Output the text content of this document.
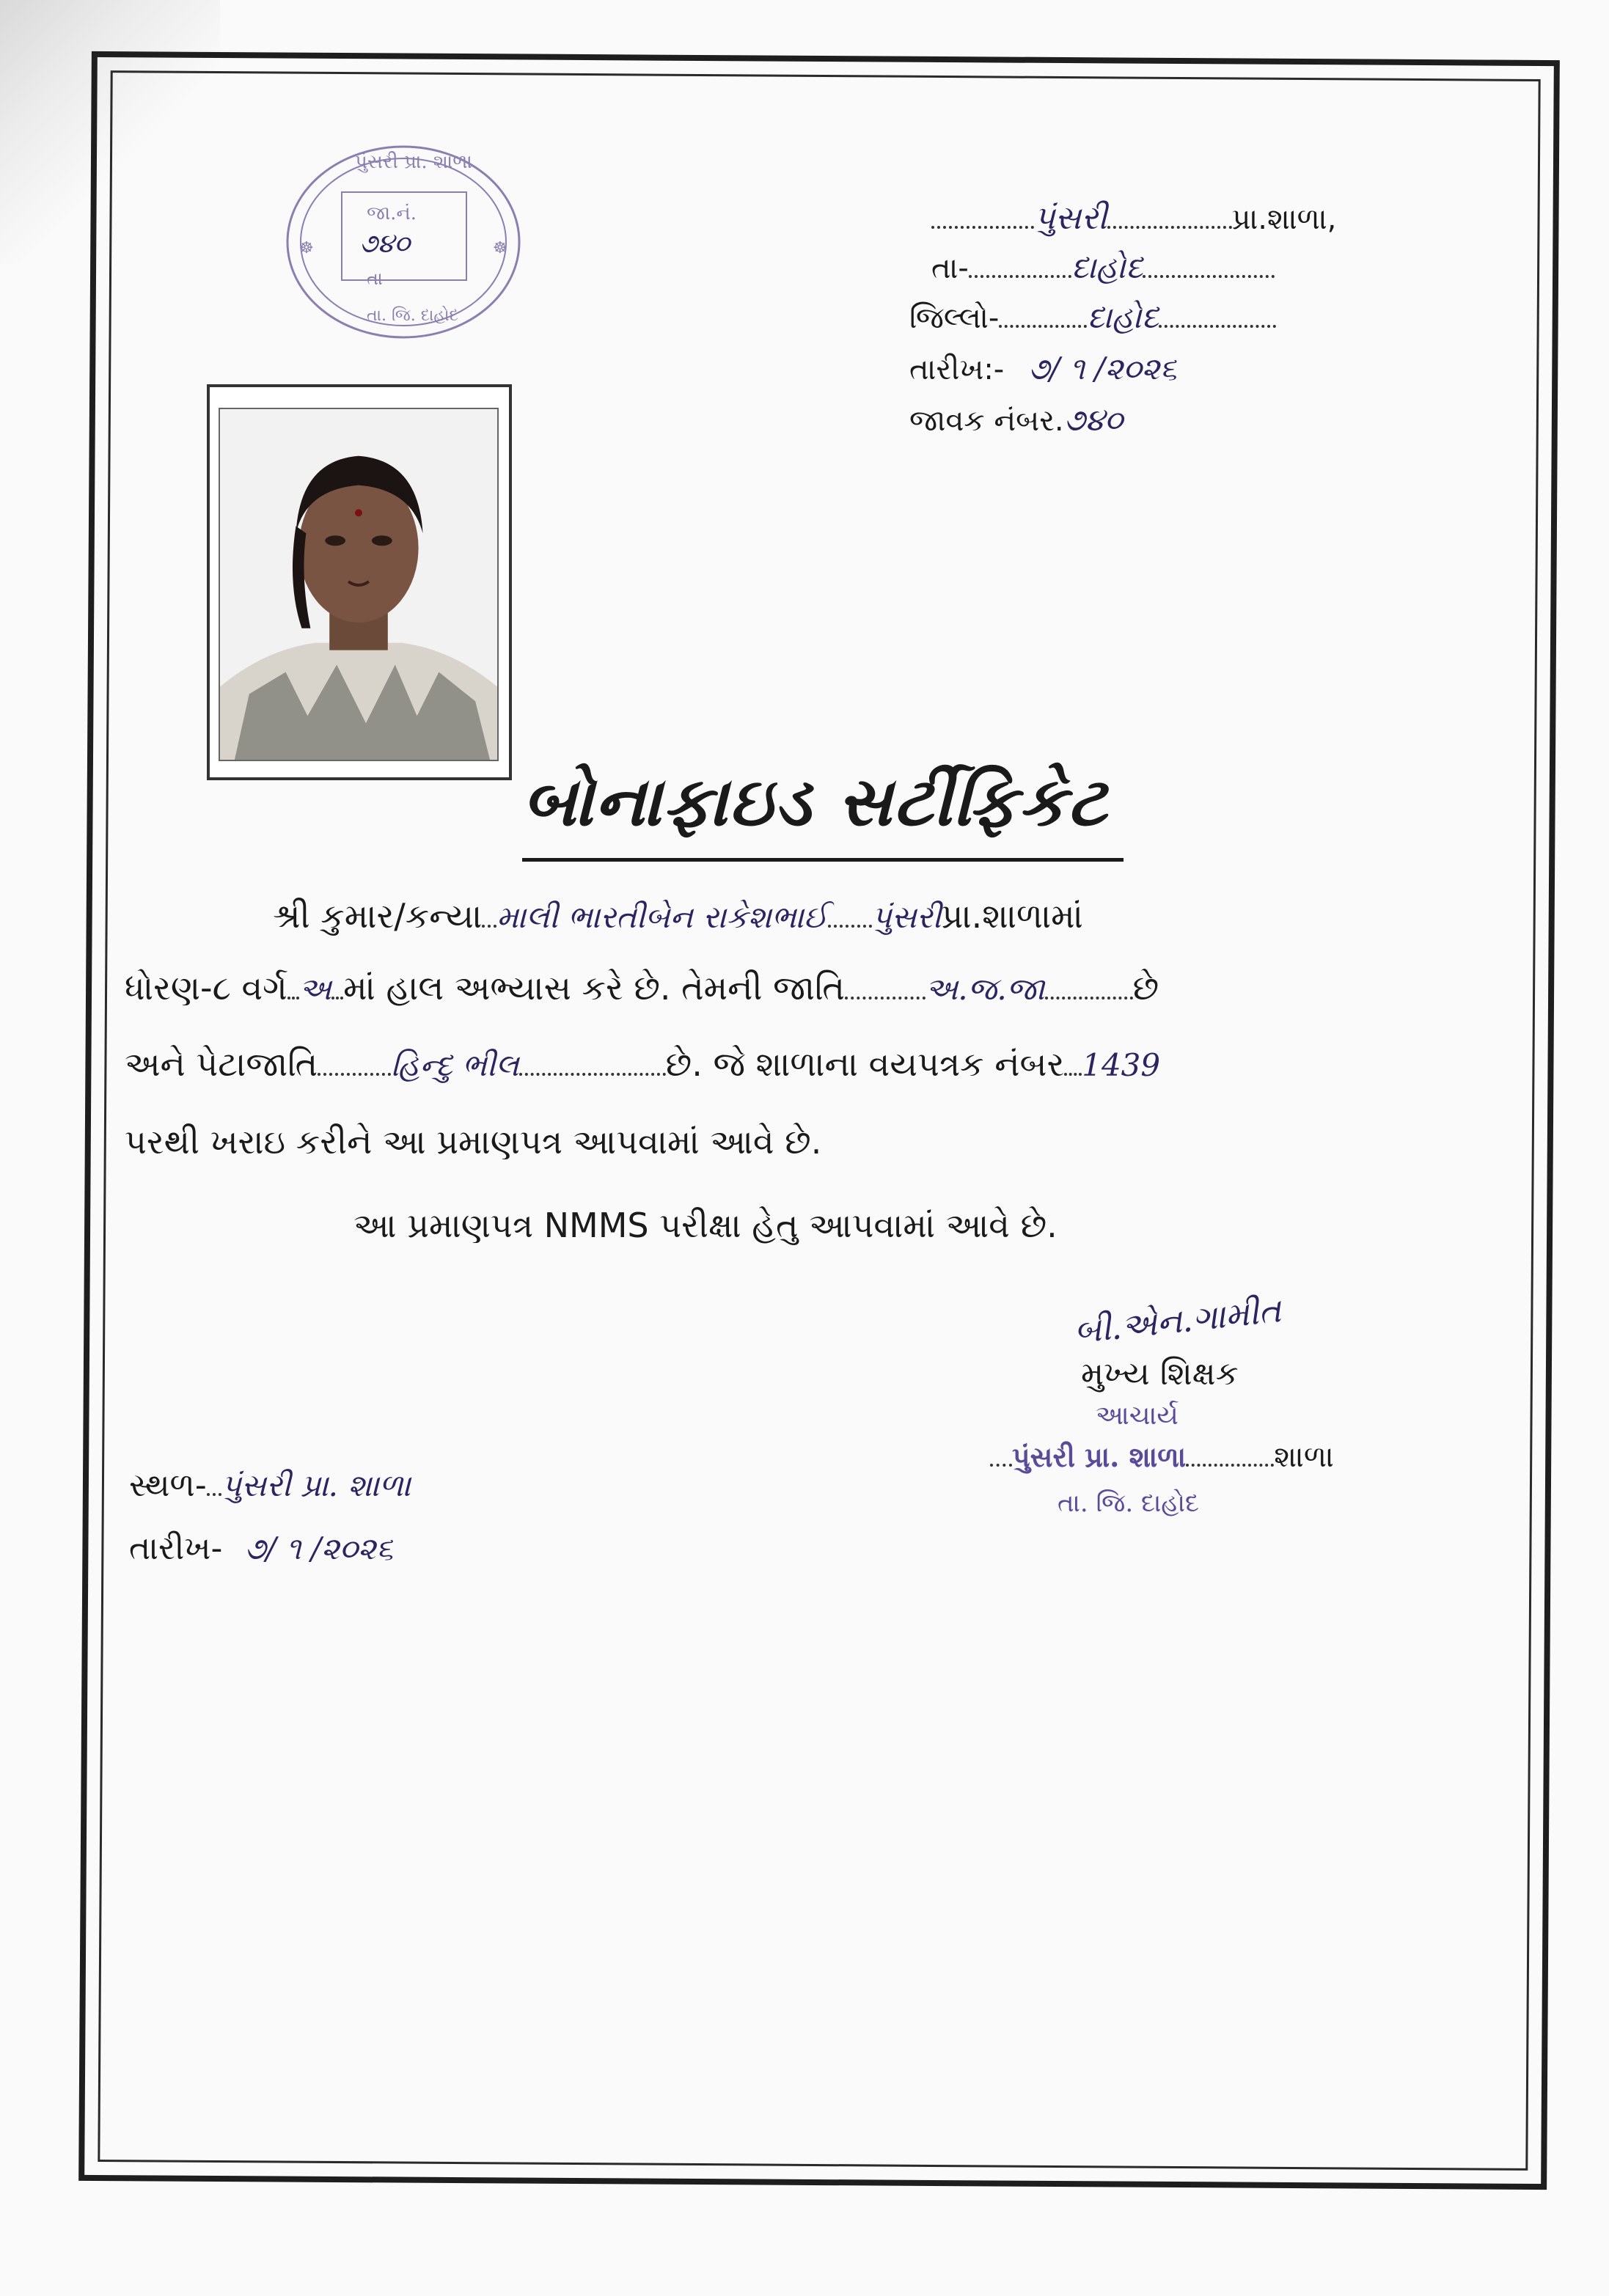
☸	☸
પુંસરી પ્રા. શાળા
જા.નં.
૭૪૦
તા
તા. જિ. દાહોદ
પુંસરી	પ્રા.શાળા,
તા-	દાહોદ
જિલ્લો-	દાહોદ
તારીખ:- ૭/ ૧ /૨૦૨૬
જાવક નંબર.૭૪૦
બોનાફાઇડ સર્ટીફિકેટ
શ્રી કુમાર/કન્યા માલી ભારતીબેન રાકેશભાઈ પુંસરીપ્રા.શાળામાં
ધોરણ-૮ વર્ગ અ માં હાલ અભ્યાસ કરે છે. તેમની જાતિ	અ.જ.જા	છે
અને પેટાજાતિ હિન્દુ ભીલ	છે. જે શાળાના વયપત્રક નંબર 1439
પરથી ખરાઇ કરીને આ પ્રમાણપત્ર આપવામાં આવે છે.
આ પ્રમાણપત્ર NMMS પરીક્ષા હેતુ આપવામાં આવે છે.
બી.એન.ગામીત
મુખ્ય શિક્ષક
આચાર્ય
પુંસરી પ્રા. શાળા	શાળા
તા. જિ. દાહોદ
સ્થળ- પુંસરી પ્રા. શાળા
તારીખ- ૭/ ૧ /૨૦૨૬
